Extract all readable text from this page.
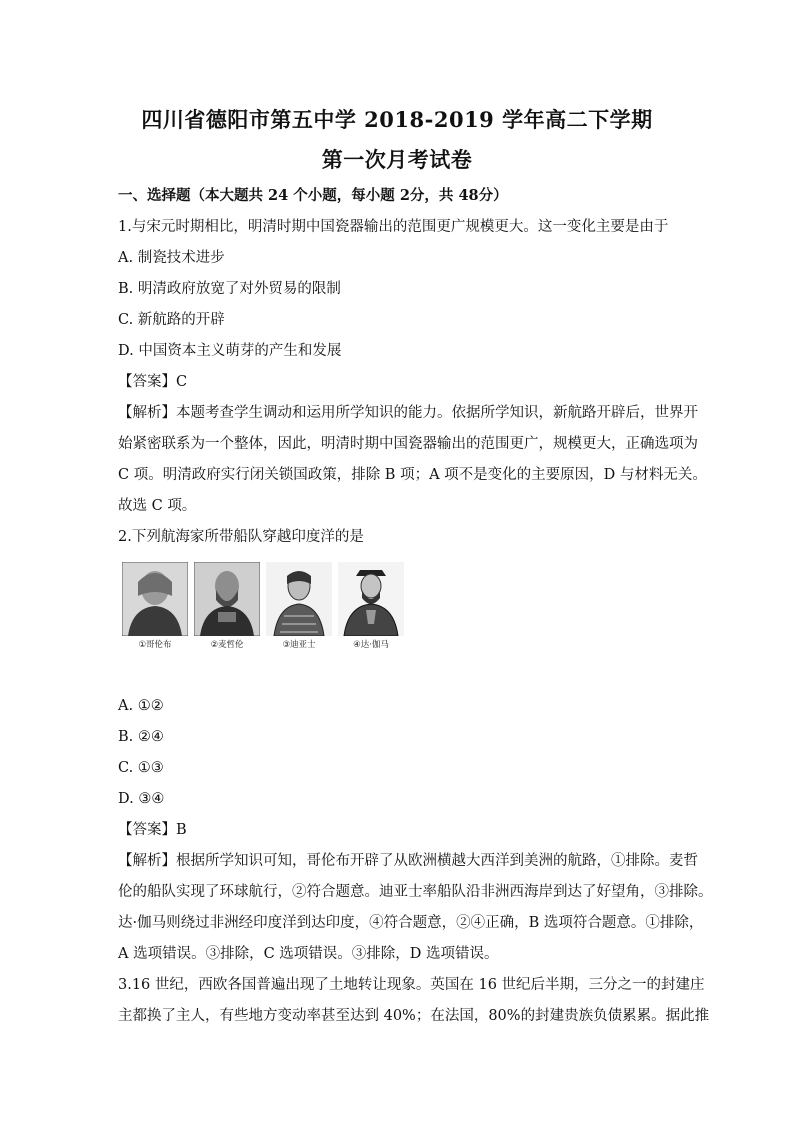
四川省德阳市第五中学 2018-2019 学年高二下学期
第一次月考试卷
一、选择题（本大题共 24 个小题，每小题 2分，共 48分）
1.与宋元时期相比，明清时期中国瓷器输出的范围更广规模更大。这一变化主要是由于
A. 制瓷技术进步
B. 明清政府放宽了对外贸易的限制
C. 新航路的开辟
D. 中国资本主义萌芽的产生和发展
【答案】C
【解析】本题考查学生调动和运用所学知识的能力。依据所学知识，新航路开辟后，世界开
始紧密联系为一个整体，因此，明清时期中国瓷器输出的范围更广，规模更大，正确选项为
C 项。明清政府实行闭关锁国政策，排除 B 项；A 项不是变化的主要原因，D 与材料无关。
故选 C 项。
2.下列航海家所带船队穿越印度洋的是
①哥伦布	②麦哲伦	③迪亚士	④达·伽马
A. ①②
B. ②④
C. ①③
D. ③④
【答案】B
【解析】根据所学知识可知，哥伦布开辟了从欧洲横越大西洋到美洲的航路，①排除。麦哲
伦的船队实现了环球航行，②符合题意。迪亚士率船队沿非洲西海岸到达了好望角，③排除。
达·伽马则绕过非洲经印度洋到达印度，④符合题意，②④正确，B 选项符合题意。①排除，
A 选项错误。③排除，C 选项错误。③排除，D 选项错误。
3.16 世纪，西欧各国普遍出现了土地转让现象。英国在 16 世纪后半期，三分之一的封建庄
主都换了主人，有些地方变动率甚至达到 40%；在法国，80%的封建贵族负债累累。据此推
